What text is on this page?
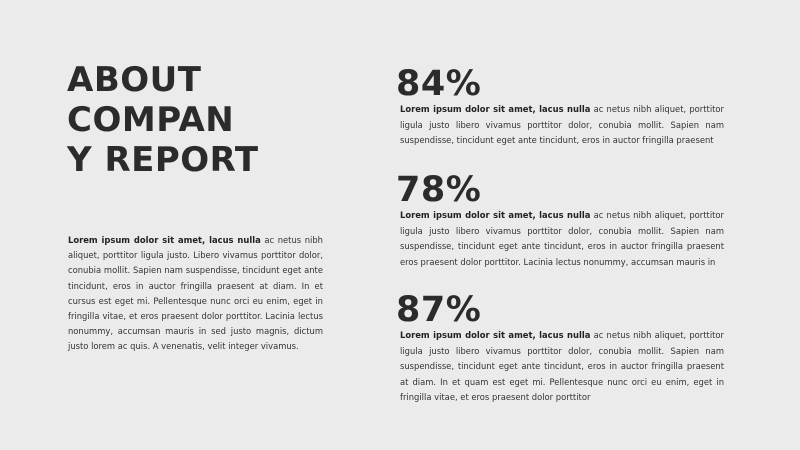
ABOUT
COMPAN
Y REPORT

Lorem ipsum dolor sit amet, lacus nulla ac netus nibh aliquet, porttitor ligula justo. Libero vivamus porttitor dolor, conubia mollit. Sapien nam suspendisse, tincidunt eget ante tincidunt, eros in auctor fringilla praesent at diam. In et cursus est eget mi. Pellentesque nunc orci eu enim, eget in fringilla vitae, et eros praesent dolor porttitor. Lacinia lectus nonummy, accumsan mauris in sed justo magnis, dictum justo lorem ac quis. A venenatis, velit integer vivamus.

84%

Lorem ipsum dolor sit amet, lacus nulla ac netus nibh aliquet, porttitor ligula justo libero vivamus porttitor dolor, conubia mollit. Sapien nam suspendisse, tincidunt eget ante tincidunt, eros in auctor fringilla praesent

78%

Lorem ipsum dolor sit amet, lacus nulla ac netus nibh aliquet, porttitor ligula justo libero vivamus porttitor dolor, conubia mollit. Sapien nam suspendisse, tincidunt eget ante tincidunt, eros in auctor fringilla praesent eros praesent dolor porttitor. Lacinia lectus nonummy, accumsan mauris in

87%

Lorem ipsum dolor sit amet, lacus nulla ac netus nibh aliquet, porttitor ligula justo libero vivamus porttitor dolor, conubia mollit. Sapien nam suspendisse, tincidunt eget ante tincidunt, eros in auctor fringilla praesent at diam. In et quam est eget mi. Pellentesque nunc orci eu enim, eget in fringilla vitae, et eros praesent dolor porttitor
